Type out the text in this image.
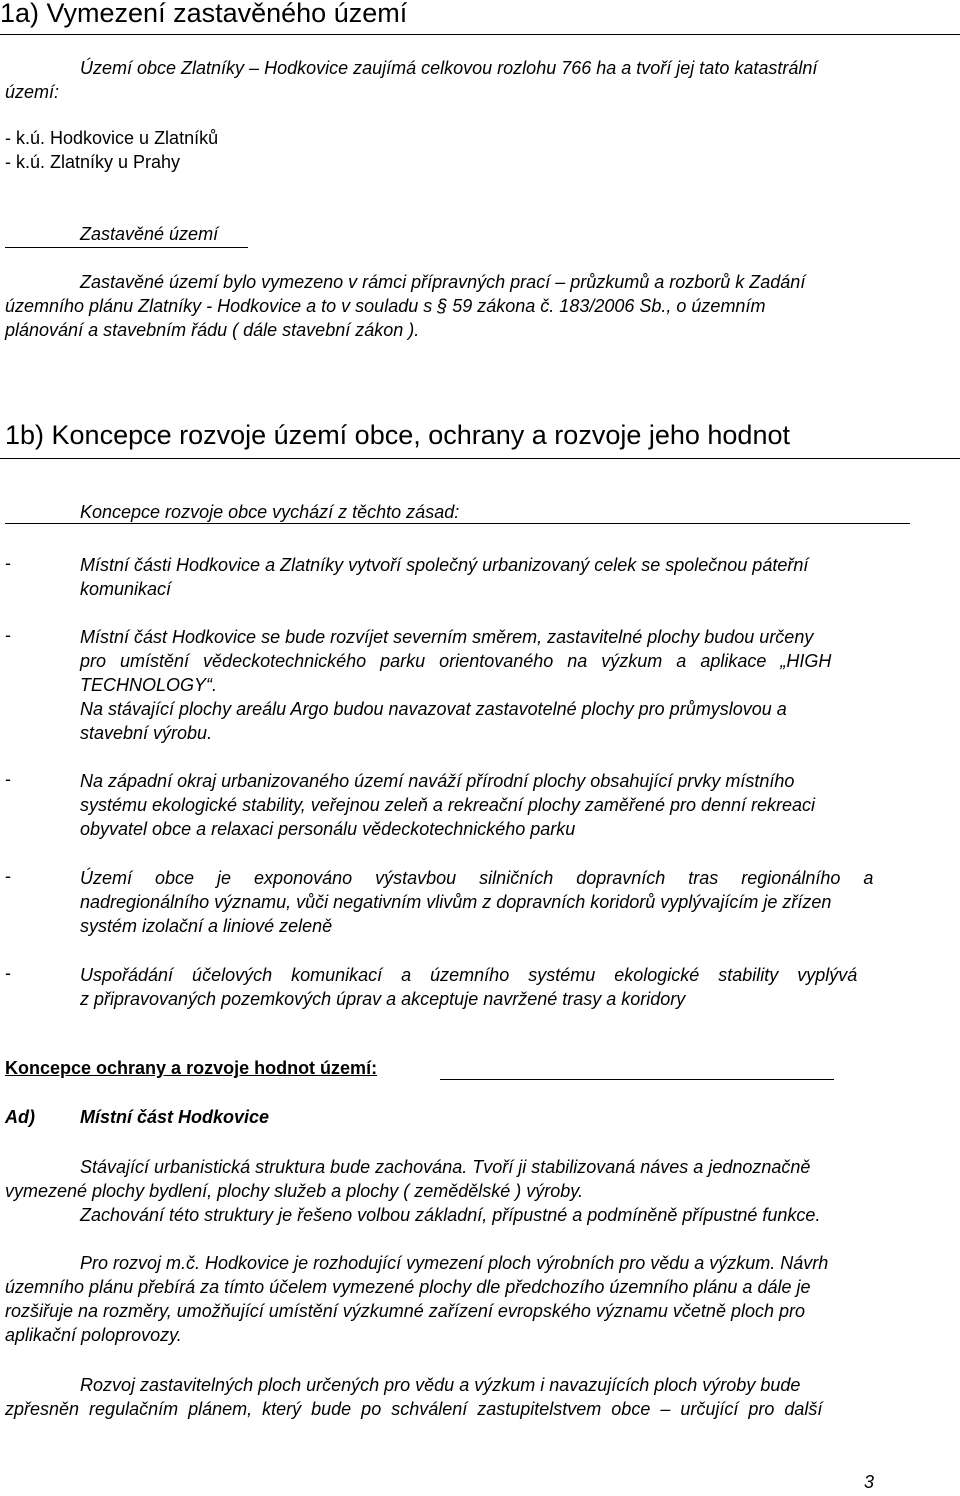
1a) Vymezení zastavěného území
Území obce Zlatníky – Hodkovice zaujímá celkovou rozlohu 766 ha a tvoří jej tato katastrální
území:
- k.ú. Hodkovice u Zlatníků
- k.ú. Zlatníky u Prahy
Zastavěné území
Zastavěné území bylo vymezeno v rámci přípravných prací – průzkumů a rozborů k Zadání
územního plánu Zlatníky - Hodkovice a to v souladu s § 59 zákona č. 183/2006 Sb., o územním
plánování a stavebním řádu ( dále stavební zákon ).
1b) Koncepce rozvoje území obce, ochrany a rozvoje jeho hodnot
Koncepce rozvoje obce vychází z těchto zásad:
-	Místní části Hodkovice a Zlatníky vytvoří společný urbanizovaný celek se společnou páteřní
komunikací
-	Místní část Hodkovice se bude rozvíjet severním směrem, zastavitelné plochy budou určeny
pro umístění vědeckotechnického parku orientovaného na výzkum a aplikace „HIGH
TECHNOLOGY“.
Na stávající plochy areálu Argo budou navazovat zastavotelné plochy pro průmyslovou a
stavební výrobu.
-	Na západní okraj urbanizovaného území naváží přírodní plochy obsahující prvky místního
systému ekologické stability, veřejnou zeleň a rekreační plochy zaměřené pro denní rekreaci
obyvatel obce a relaxaci personálu vědeckotechnického parku
-	Území obce je exponováno výstavbou silničních dopravních tras regionálního a
nadregionálního významu, vůči negativním vlivům z dopravních koridorů vyplývajícím je zřízen
systém izolační a liniové zeleně
-	Uspořádání účelových komunikací a územního systému ekologické stability vyplývá
z připravovaných pozemkových úprav a akceptuje navržené trasy a koridory
Koncepce ochrany a rozvoje hodnot území:
Ad)	Místní část Hodkovice
Stávající urbanistická struktura bude zachována. Tvoří ji stabilizovaná náves a jednoznačně
vymezené plochy bydlení, plochy služeb a plochy ( zemědělské ) výroby.
Zachování této struktury je řešeno volbou základní, přípustné a podmíněně přípustné funkce.
Pro rozvoj m.č. Hodkovice je rozhodující vymezení ploch výrobních pro vědu a výzkum. Návrh
územního plánu přebírá za tímto účelem vymezené plochy dle předchozího územního plánu a dále je
rozšiřuje na rozměry, umožňující umístění výzkumné zařízení evropského významu včetně ploch pro
aplikační poloprovozy.
Rozvoj zastavitelných ploch určených pro vědu a výzkum i navazujících ploch výroby bude
zpřesněn regulačním plánem, který bude po schválení zastupitelstvem obce – určující pro další
3
